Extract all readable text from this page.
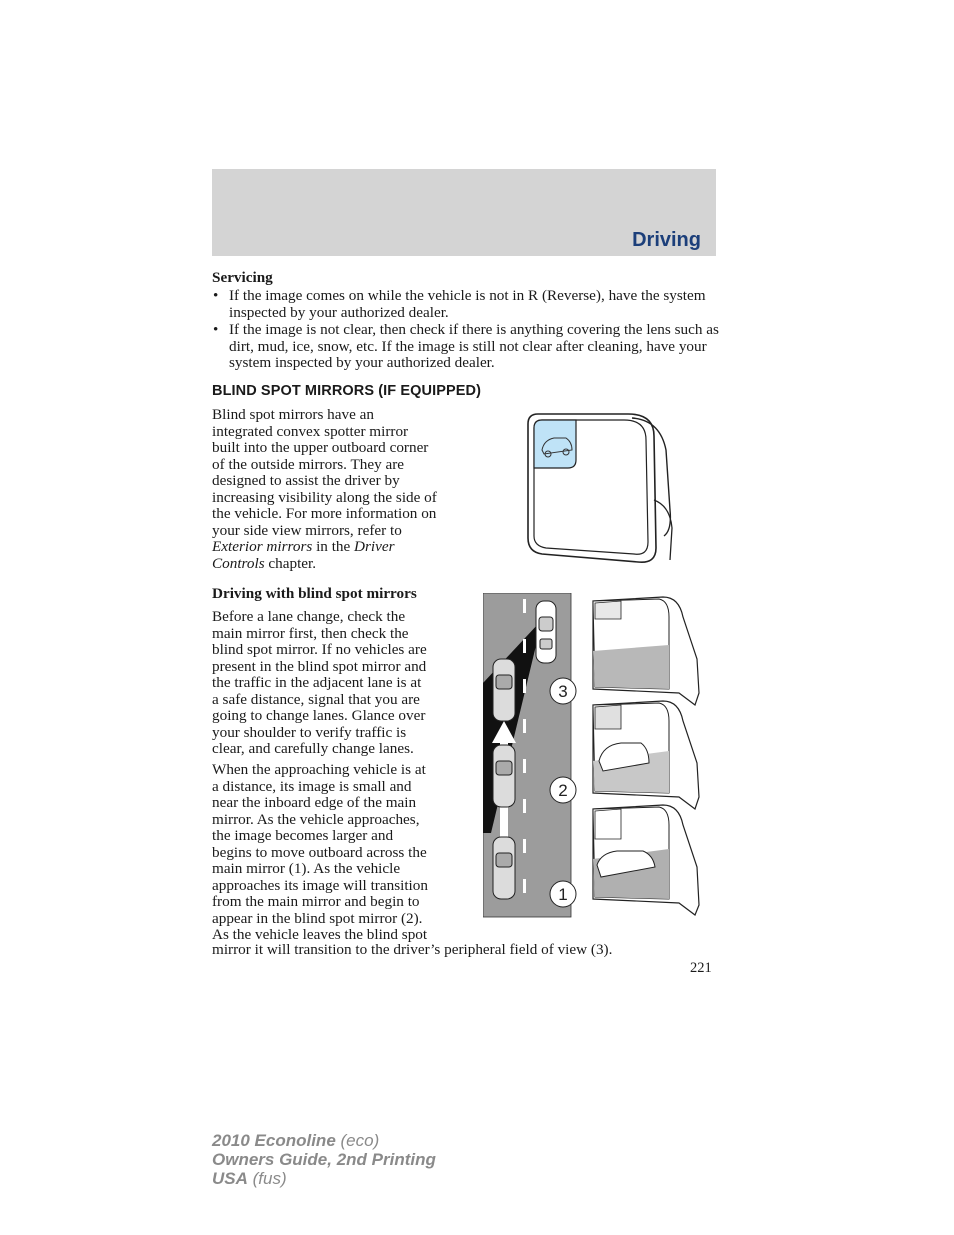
Driving
Servicing
• If the image comes on while the vehicle is not in R (Reverse), have the system inspected by your authorized dealer.
• If the image is not clear, then check if there is anything covering the lens such as dirt, mud, ice, snow, etc. If the image is still not clear after cleaning, have your system inspected by your authorized dealer.
BLIND SPOT MIRRORS (IF EQUIPPED)
Blind spot mirrors have an
integrated convex spotter mirror
built into the upper outboard corner
of the outside mirrors. They are
designed to assist the driver by
increasing visibility along the side of
the vehicle. For more information on
your side view mirrors, refer to
Exterior mirrors in the Driver
Controls chapter.
Driving with blind spot mirrors
Before a lane change, check the
main mirror first, then check the
blind spot mirror. If no vehicles are
present in the blind spot mirror and
the traffic in the adjacent lane is at
a safe distance, signal that you are
going to change lanes. Glance over
your shoulder to verify traffic is
clear, and carefully change lanes.
When the approaching vehicle is at
a distance, its image is small and
near the inboard edge of the main
mirror. As the vehicle approaches,
the image becomes larger and
begins to move outboard across the
main mirror (1). As the vehicle
approaches its image will transition
from the main mirror and begin to
appear in the blind spot mirror (2).
As the vehicle leaves the blind spot
mirror it will transition to the driver’s peripheral field of view (3).
3
2
1
221
2010 Econoline (eco)
Owners Guide, 2nd Printing
USA (fus)
